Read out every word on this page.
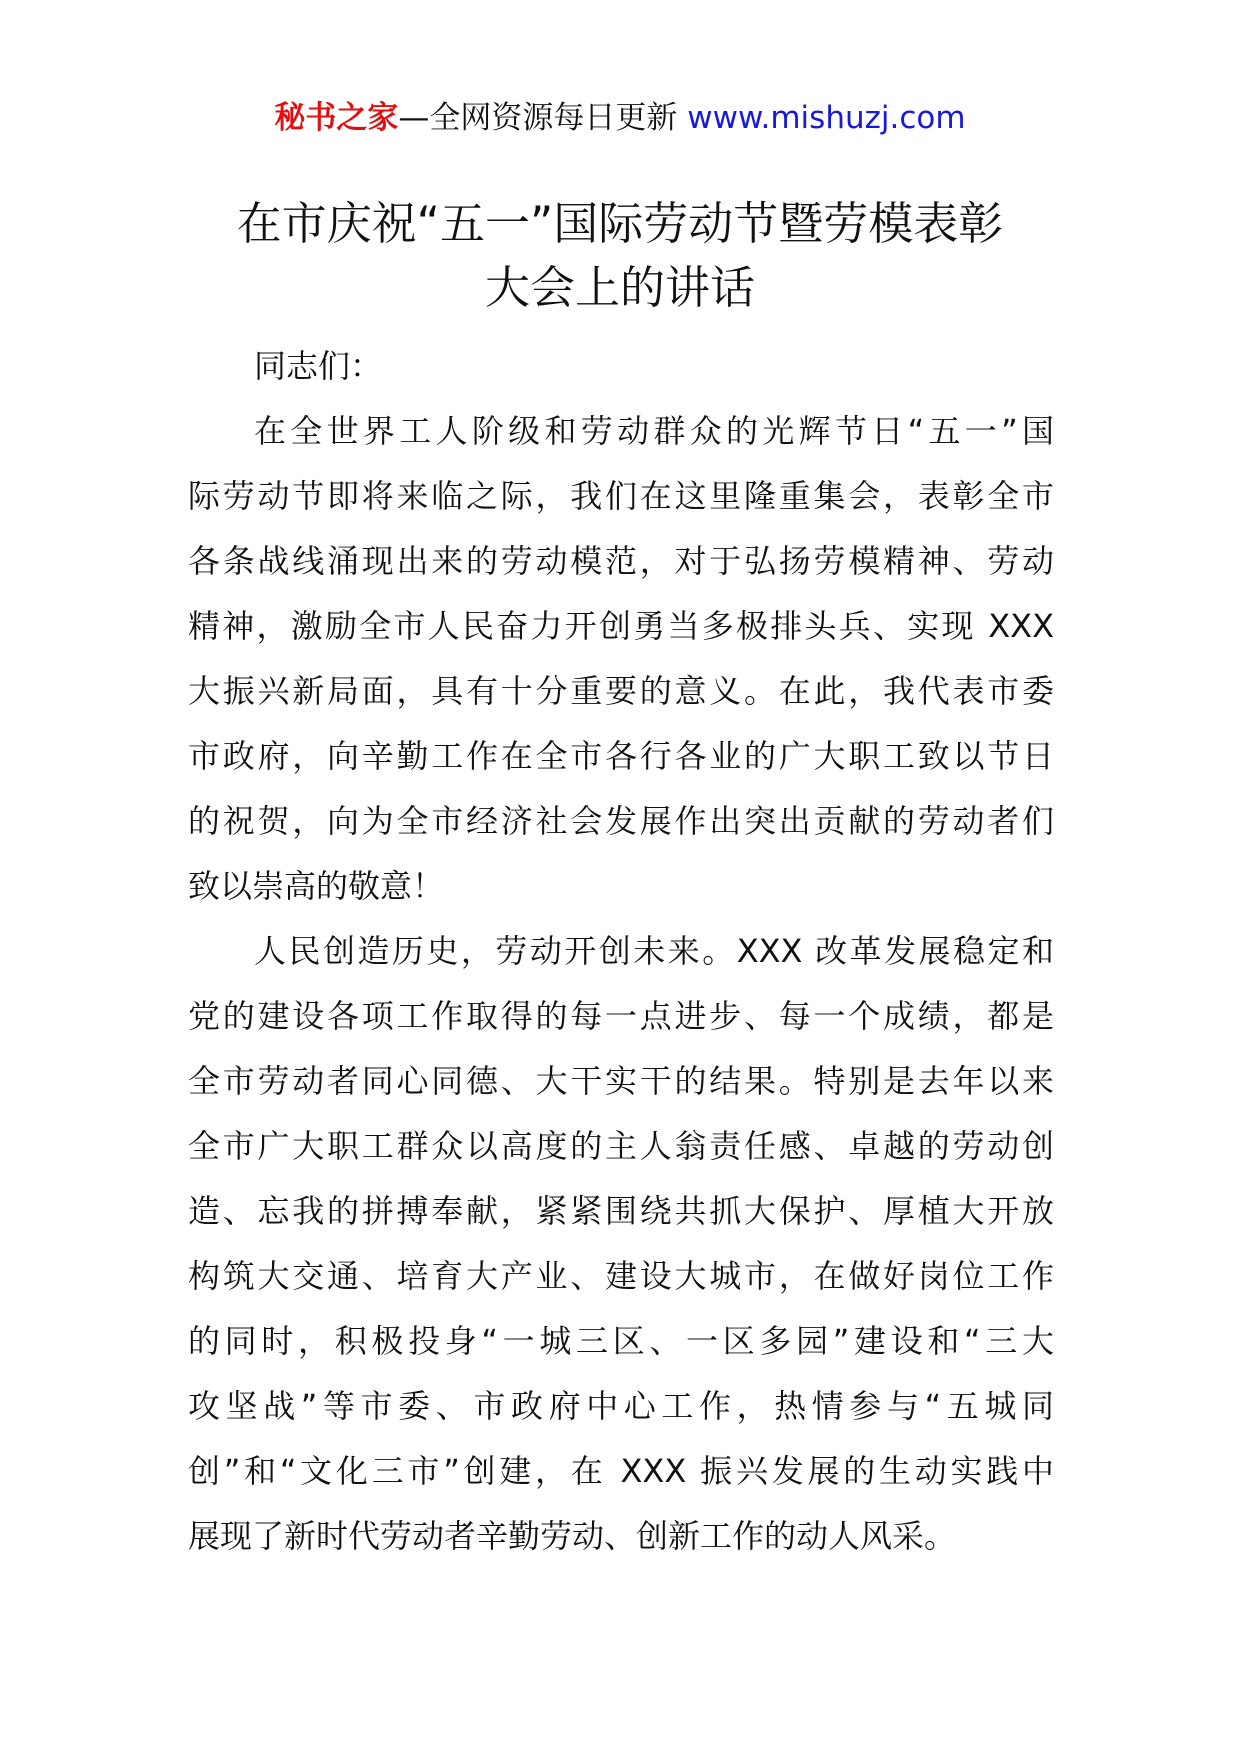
秘书之家—全网资源每日更新 www.mishuzj.com
在市庆祝“五一”国际劳动节暨劳模表彰
大会上的讲话
同志们：
在全世界工人阶级和劳动群众的光辉节日“五一”国
际劳动节即将来临之际，我们在这里隆重集会，表彰全市
各条战线涌现出来的劳动模范，对于弘扬劳模精神、劳动
精神，激励全市人民奋力开创勇当多极排头兵、实现 XXX
大振兴新局面，具有十分重要的意义。在此，我代表市委
市政府，向辛勤工作在全市各行各业的广大职工致以节日
的祝贺，向为全市经济社会发展作出突出贡献的劳动者们
致以崇高的敬意！
人民创造历史，劳动开创未来。XXX 改革发展稳定和
党的建设各项工作取得的每一点进步、每一个成绩，都是
全市劳动者同心同德、大干实干的结果。特别是去年以来
全市广大职工群众以高度的主人翁责任感、卓越的劳动创
造、忘我的拼搏奉献，紧紧围绕共抓大保护、厚植大开放
构筑大交通、培育大产业、建设大城市，在做好岗位工作
的同时，积极投身“一城三区、一区多园”建设和“三大
攻坚战”等市委、市政府中心工作，热情参与“五城同
创”和“文化三市”创建，在 XXX 振兴发展的生动实践中
展现了新时代劳动者辛勤劳动、创新工作的动人风采。
